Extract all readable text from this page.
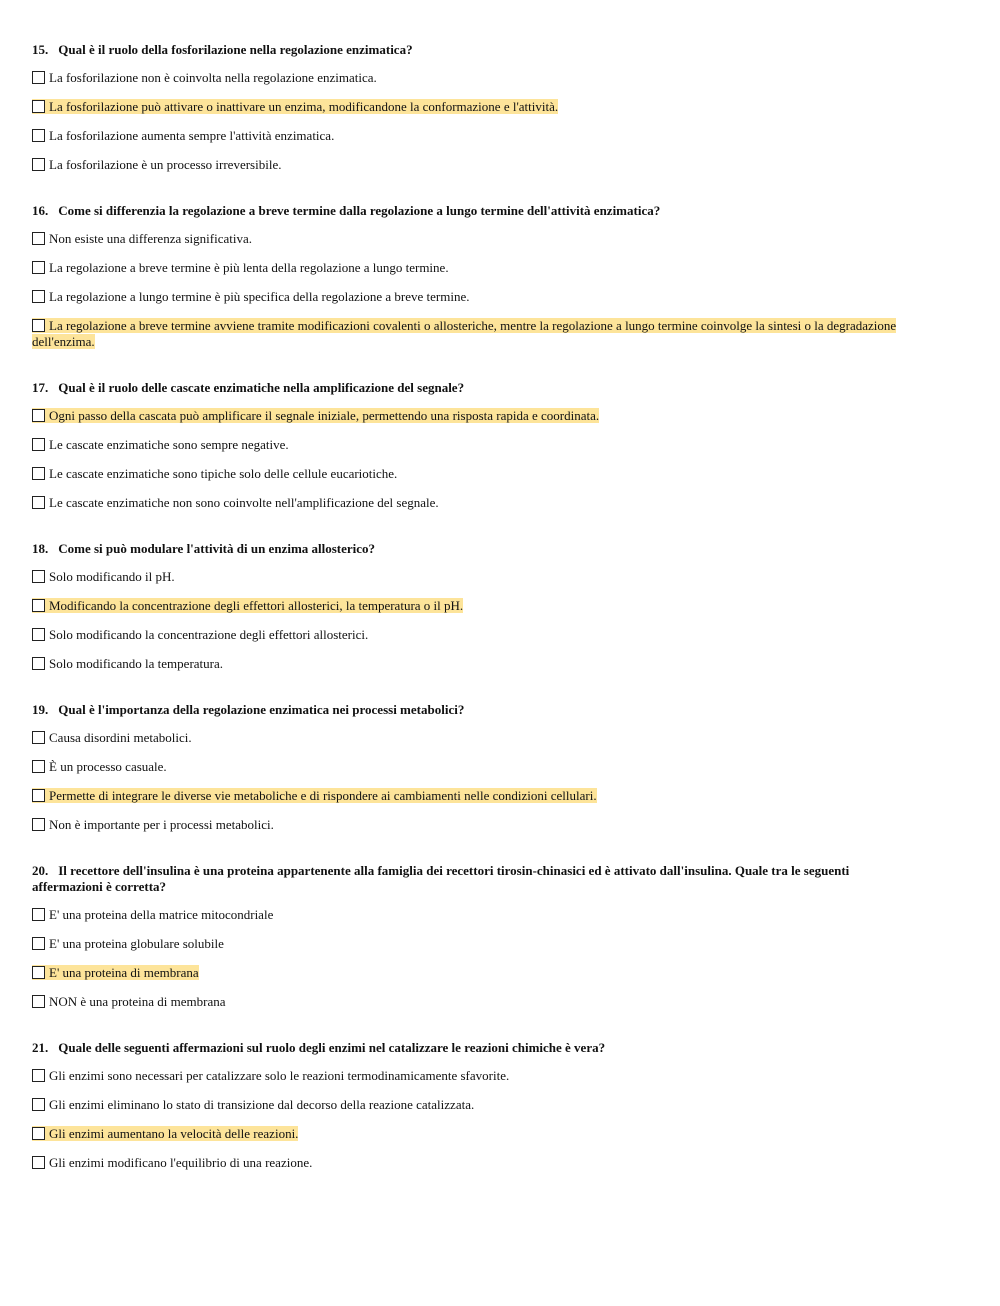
15. Qual è il ruolo della fosforilazione nella regolazione enzimatica?
La fosforilazione non è coinvolta nella regolazione enzimatica.
La fosforilazione può attivare o inattivare un enzima, modificandone la conformazione e l'attività.
La fosforilazione aumenta sempre l'attività enzimatica.
La fosforilazione è un processo irreversibile.
16. Come si differenzia la regolazione a breve termine dalla regolazione a lungo termine dell'attività enzimatica?
Non esiste una differenza significativa.
La regolazione a breve termine è più lenta della regolazione a lungo termine.
La regolazione a lungo termine è più specifica della regolazione a breve termine.
La regolazione a breve termine avviene tramite modificazioni covalenti o allosteriche, mentre la regolazione a lungo termine coinvolge la sintesi o la degradazione dell'enzima.
17. Qual è il ruolo delle cascate enzimatiche nella amplificazione del segnale?
Ogni passo della cascata può amplificare il segnale iniziale, permettendo una risposta rapida e coordinata.
Le cascate enzimatiche sono sempre negative.
Le cascate enzimatiche sono tipiche solo delle cellule eucariotiche.
Le cascate enzimatiche non sono coinvolte nell'amplificazione del segnale.
18. Come si può modulare l'attività di un enzima allosterico?
Solo modificando il pH.
Modificando la concentrazione degli effettori allosterici, la temperatura o il pH.
Solo modificando la concentrazione degli effettori allosterici.
Solo modificando la temperatura.
19. Qual è l'importanza della regolazione enzimatica nei processi metabolici?
Causa disordini metabolici.
È un processo casuale.
Permette di integrare le diverse vie metaboliche e di rispondere ai cambiamenti nelle condizioni cellulari.
Non è importante per i processi metabolici.
20. Il recettore dell'insulina è una proteina appartenente alla famiglia dei recettori tirosin-chinasici ed è attivato dall'insulina. Quale tra le seguenti affermazioni è corretta?
E' una proteina della matrice mitocondriale
E' una proteina globulare solubile
E' una proteina di membrana
NON è una proteina di membrana
21. Quale delle seguenti affermazioni sul ruolo degli enzimi nel catalizzare le reazioni chimiche è vera?
Gli enzimi sono necessari per catalizzare solo le reazioni termodinamicamente sfavorite.
Gli enzimi eliminano lo stato di transizione dal decorso della reazione catalizzata.
Gli enzimi aumentano la velocità delle reazioni.
Gli enzimi modificano l'equilibrio di una reazione.
